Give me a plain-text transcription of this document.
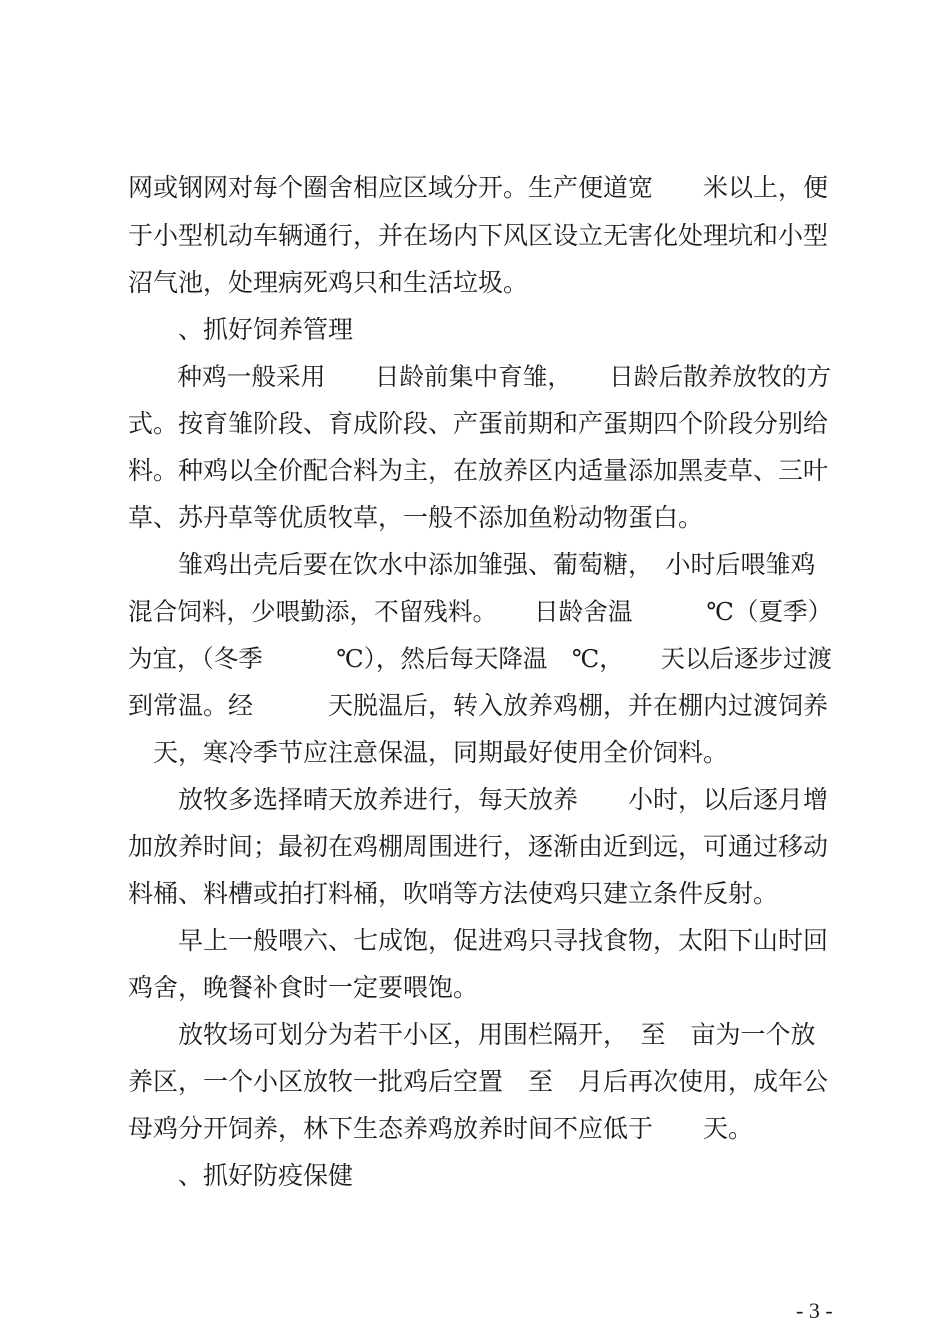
网或钢网对每个圈舍相应区域分开。生产便道宽　　米以上，便
于小型机动车辆通行，并在场内下风区设立无害化处理坑和小型
沼气池，处理病死鸡只和生活垃圾。
　　、抓好饲养管理
　　种鸡一般采用　　日龄前集中育雏，　　日龄后散养放牧的方
式。按育雏阶段、育成阶段、产蛋前期和产蛋期四个阶段分别给
料。种鸡以全价配合料为主，在放养区内适量添加黑麦草、三叶
草、苏丹草等优质牧草，一般不添加鱼粉动物蛋白。
　　雏鸡出壳后要在饮水中添加雏强、葡萄糖，　小时后喂雏鸡
混合饲料，少喂勤添，不留残料。　　日龄舍温　　　℃（夏季）
为宜，（冬季　　　℃），然后每天降温　℃，　　天以后逐步过渡
到常温。经　　　天脱温后，转入放养鸡棚，并在棚内过渡饲养
　天，寒冷季节应注意保温，同期最好使用全价饲料。
　　放牧多选择晴天放养进行，每天放养　　小时，以后逐月增
加放养时间；最初在鸡棚周围进行，逐渐由近到远，可通过移动
料桶、料槽或拍打料桶，吹哨等方法使鸡只建立条件反射。
　　早上一般喂六、七成饱，促进鸡只寻找食物，太阳下山时回
鸡舍，晚餐补食时一定要喂饱。
　　放牧场可划分为若干小区，用围栏隔开，　至　亩为一个放
养区，一个小区放牧一批鸡后空置　至　月后再次使用，成年公
母鸡分开饲养，林下生态养鸡放养时间不应低于　　天。
　　、抓好防疫保健
- 3 -
